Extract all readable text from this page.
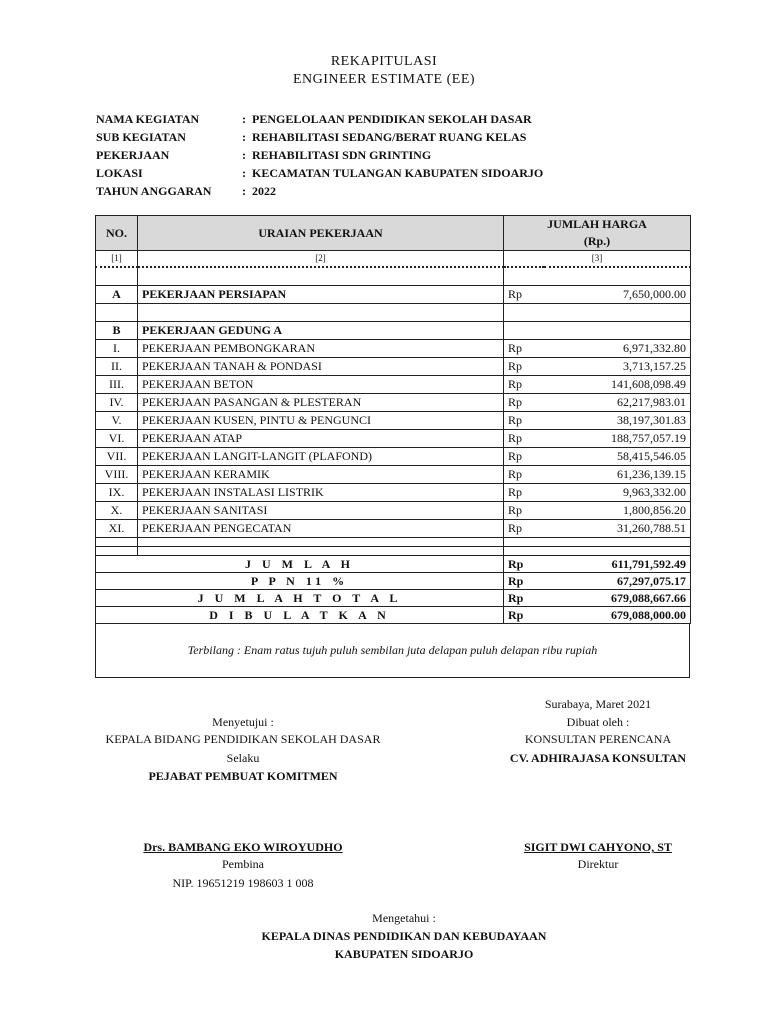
REKAPITULASI
ENGINEER ESTIMATE (EE)
NAMA KEGIATAN	: PENGELOLAAN PENDIDIKAN SEKOLAH DASAR
SUB KEGIATAN	: REHABILITASI SEDANG/BERAT RUANG KELAS
PEKERJAAN	: REHABILITASI SDN GRINTING
LOKASI	: KECAMATAN TULANGAN KABUPATEN SIDOARJO
TAHUN ANGGARAN	: 2022
NO.	URAIAN PEKERJAAN	JUMLAH HARGA
(Rp.)	

[1]	[2]	[3]	

A	PEKERJAAN PERSIAPAN	Rp	7,650,000.00

B	PEKERJAAN GEDUNG A		
I.	PEKERJAAN PEMBONGKARAN	Rp	6,971,332.80
II.	PEKERJAAN TANAH & PONDASI	Rp	3,713,157.25
III.	PEKERJAAN BETON	Rp	141,608,098.49
IV.	PEKERJAAN PASANGAN & PLESTERAN	Rp	62,217,983.01
V.	PEKERJAAN KUSEN, PINTU & PENGUNCI	Rp	38,197,301.83
VI.	PEKERJAAN ATAP	Rp	188,757,057.19
VII.	PEKERJAAN LANGIT-LANGIT (PLAFOND)	Rp	58,415,546.05
VIII.	PEKERJAAN KERAMIK	Rp	61,236,139.15
IX.	PEKERJAAN INSTALASI LISTRIK	Rp	9,963,332.00
X.	PEKERJAAN SANITASI	Rp	1,800,856.20
XI.	PEKERJAAN PENGECATAN	Rp	31,260,788.51

J U M L A H		Rp	611,791,592.49
P P N 11 %		Rp	67,297,075.17
J U M L A H T O T A L		Rp	679,088,667.66
D I B U L A T K A N		Rp	679,088,000.00
Terbilang : Enam ratus tujuh puluh sembilan juta delapan puluh delapan ribu rupiah
Surabaya, Maret 2021
Menyetujui :	Dibuat oleh :
KEPALA BIDANG PENDIDIKAN SEKOLAH DASAR	KONSULTAN PERENCANA
Selaku	CV. ADHIRAJASA KONSULTAN
PEJABAT PEMBUAT KOMITMEN
Drs. BAMBANG EKO WIROYUDHO	SIGIT DWI CAHYONO, ST
Pembina	Direktur
NIP. 19651219 198603 1 008
Mengetahui :
KEPALA DINAS PENDIDIKAN DAN KEBUDAYAAN
KABUPATEN SIDOARJO
